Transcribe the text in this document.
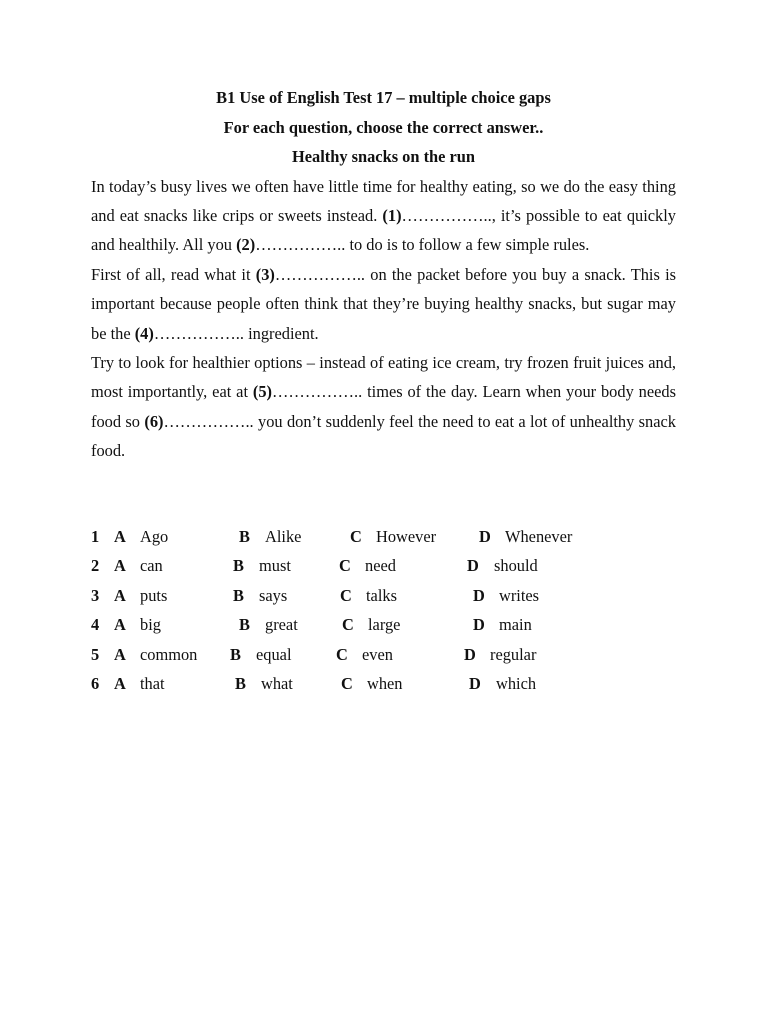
B1 Use of English Test 17 – multiple choice gaps
For each question, choose the correct answer..
Healthy snacks on the run

In today’s busy lives we often have little time for healthy eating, so we do the easy thing and eat snacks like crips or sweets instead. (1)…………….., it’s possible to eat quickly and healthily. All you (2)…………….. to do is to follow a few simple rules.

First of all, read what it (3)…………….. on the packet before you buy a snack. This is important because people often think that they’re buying healthy snacks, but sugar may be the (4)…………….. ingredient.

Try to look for healthier options – instead of eating ice cream, try frozen fruit juices and, most importantly, eat at (5)…………….. times of the day. Learn when your body needs food so (6)…………….. you don’t suddenly feel the need to eat a lot of unhealthy snack food.

1 A Ago	B Alike	C However	D Whenever
2 A can	B must	C need	D should
3 A puts	B says	C talks	D writes
4 A big	B great	C large	D main
5 A common B equal	C even	D regular
6 A that	B what	C when	D which
